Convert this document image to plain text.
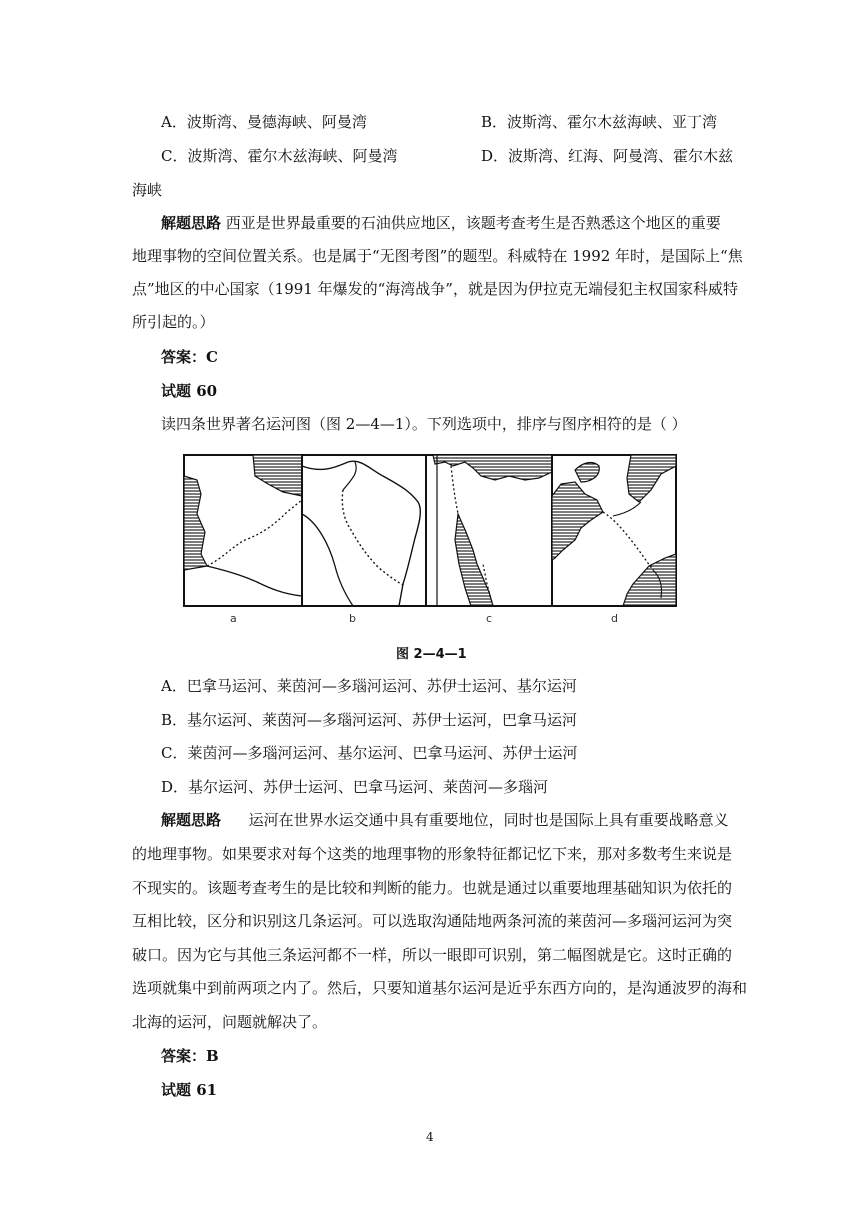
A．波斯湾、曼德海峡、阿曼湾	B．波斯湾、霍尔木兹海峡、亚丁湾
C．波斯湾、霍尔木兹海峡、阿曼湾	D．波斯湾、红海、阿曼湾、霍尔木兹
海峡
解题思路 西亚是世界最重要的石油供应地区，该题考查考生是否熟悉这个地区的重要
地理事物的空间位置关系。也是属于“无图考图”的题型。科威特在 1992 年时，是国际上“焦
点”地区的中心国家（1991 年爆发的“海湾战争”，就是因为伊拉克无端侵犯主权国家科威特
所引起的。）
答案：C
试题 60
读四条世界著名运河图（图 2—4—1）。下列选项中，排序与图序相符的是（ ）
a	b	c	d
图 2—4—1
A．巴拿马运河、莱茵河—多瑙河运河、苏伊士运河、基尔运河
B．基尔运河、莱茵河—多瑙河运河、苏伊士运河，巴拿马运河
C．莱茵河—多瑙河运河、基尔运河、巴拿马运河、苏伊士运河
D．基尔运河、苏伊士运河、巴拿马运河、莱茵河—多瑙河
解题思路 运河在世界水运交通中具有重要地位，同时也是国际上具有重要战略意义
的地理事物。如果要求对每个这类的地理事物的形象特征都记忆下来，那对多数考生来说是
不现实的。该题考查考生的是比较和判断的能力。也就是通过以重要地理基础知识为依托的
互相比较，区分和识别这几条运河。可以选取沟通陆地两条河流的莱茵河—多瑙河运河为突
破口。因为它与其他三条运河都不一样，所以一眼即可识别，第二幅图就是它。这时正确的
选项就集中到前两项之内了。然后，只要知道基尔运河是近乎东西方向的，是沟通波罗的海和
北海的运河，问题就解决了。
答案：B
试题 61
4
